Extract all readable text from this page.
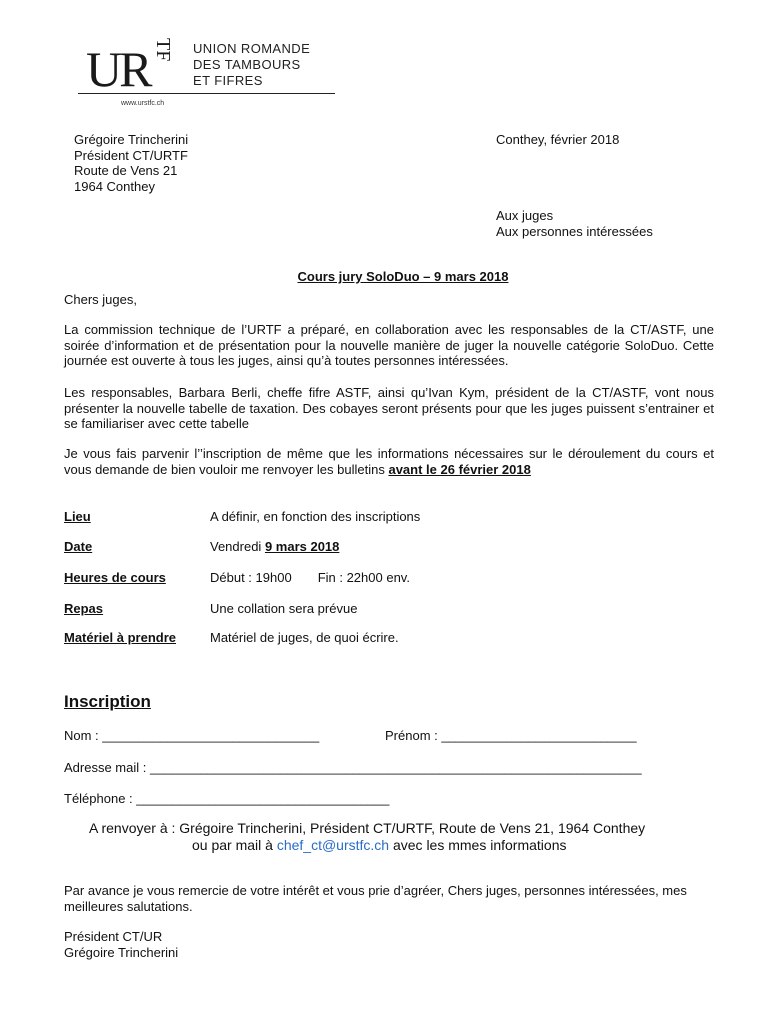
UR TF	UNION ROMANDE
DES TAMBOURS
ET FIFRES
www.urstfc.ch
Grégoire Trincherini
Président CT/URTF
Route de Vens 21
1964 Conthey
Conthey, février 2018
Aux juges
Aux personnes intéressées
Cours jury SoloDuo – 9 mars 2018
Chers juges,
La commission technique de l’URTF a préparé, en collaboration avec les responsables de la CT/ASTF, une soirée d’information et de présentation pour la nouvelle manière de juger la nouvelle catégorie SoloDuo. Cette journée est ouverte à tous les juges, ainsi qu’à toutes personnes intéressées.
Les responsables, Barbara Berli, cheffe fifre ASTF, ainsi qu’Ivan Kym, président de la CT/ASTF, vont nous présenter la nouvelle tabelle de taxation. Des cobayes seront présents pour que les juges puissent s’entrainer et se familiariser avec cette tabelle
Je vous fais parvenir l’’inscription de même que les informations nécessaires sur le déroulement du cours et vous demande de bien vouloir me renvoyer les bulletins avant le 26 février 2018
Lieu	A définir, en fonction des inscriptions
Date	Vendredi 9 mars 2018
Heures de cours	Début : 19h00 Fin : 22h00 env.
Repas	Une collation sera prévue
Matériel à prendre	Matériel de juges, de quoi écrire.
Inscription
Nom : ______________________________	Prénom : ___________________________
Adresse mail : ____________________________________________________________________
Téléphone : ___________________________________
A renvoyer à : Grégoire Trincherini, Président CT/URTF, Route de Vens 21, 1964 Conthey
ou par mail à chef_ct@urstfc.ch avec les mmes informations
Par avance je vous remercie de votre intérêt et vous prie d’agréer, Chers juges, personnes intéressées, mes meilleures salutations.
Président CT/UR
Grégoire Trincherini
